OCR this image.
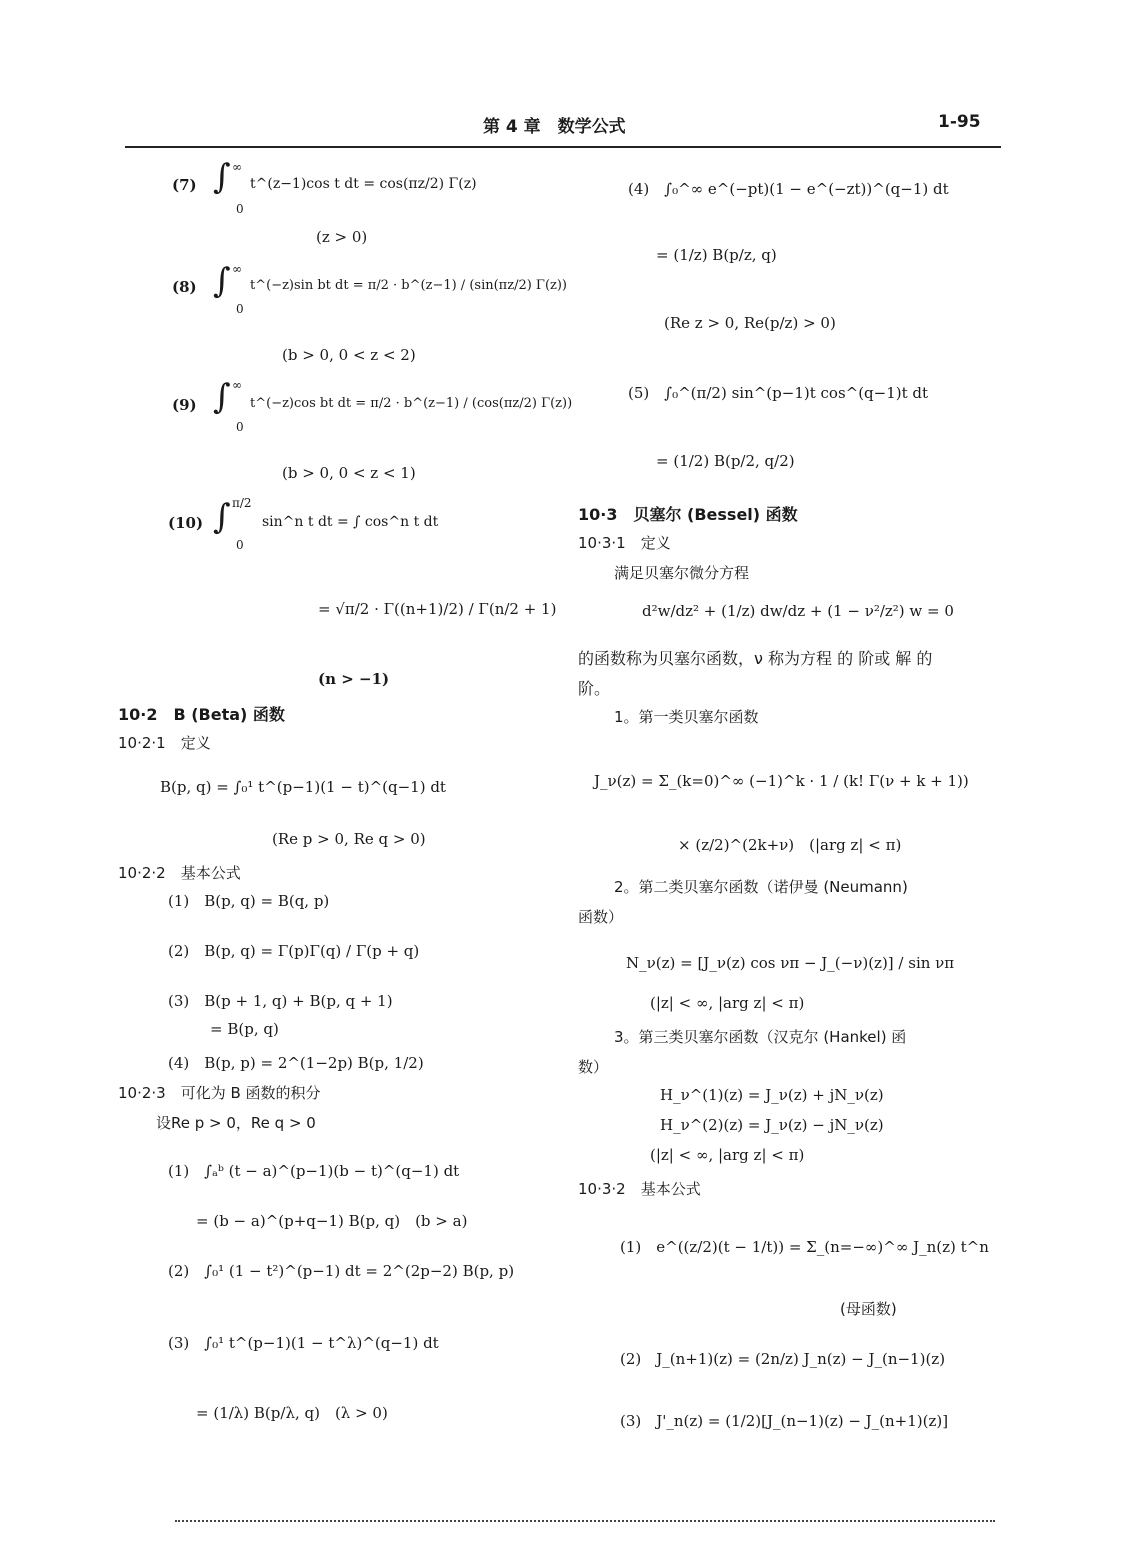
第 4 章　数学公式	1-95
(7) ∫ ∞
0
t^(z−1)cos t dt = cos(πz/2) Γ(z)
(z > 0)
(8) ∫ ∞
0
t^(−z)sin bt dt = π/2 · b^(z−1) / (sin(πz/2) Γ(z))
(b > 0, 0 < z < 2)
(9) ∫ ∞
0
t^(−z)cos bt dt = π/2 · b^(z−1) / (cos(πz/2) Γ(z))
(b > 0, 0 < z < 1)
(10) ∫ π/2
0
sin^n t dt = ∫ cos^n t dt
= √π/2 · Γ((n+1)/2) / Γ(n/2 + 1)
(n > −1)
10·2　B (Beta) 函数
10·2·1　定义
B(p, q) = ∫₀¹ t^(p−1)(1 − t)^(q−1) dt
(Re p > 0, Re q > 0)
10·2·2　基本公式
(1)　B(p, q) = B(q, p)
(2)　B(p, q) = Γ(p)Γ(q) / Γ(p + q)
(3)　B(p + 1, q) + B(p, q + 1)
= B(p, q)
(4)　B(p, p) = 2^(1−2p) B(p, 1/2)
10·2·3　可化为 B 函数的积分
设Re p > 0，Re q > 0
(1)　∫ₐᵇ (t − a)^(p−1)(b − t)^(q−1) dt
= (b − a)^(p+q−1) B(p, q)　(b > a)
(2)　∫₀¹ (1 − t²)^(p−1) dt = 2^(2p−2) B(p, p)
(3)　∫₀¹ t^(p−1)(1 − t^λ)^(q−1) dt
= (1/λ) B(p/λ, q)　(λ > 0)
(4)　∫₀^∞ e^(−pt)(1 − e^(−zt))^(q−1) dt
= (1/z) B(p/z, q)
(Re z > 0, Re(p/z) > 0)
(5)　∫₀^(π/2) sin^(p−1)t cos^(q−1)t dt
= (1/2) B(p/2, q/2)
10·3　贝塞尔 (Bessel) 函数
10·3·1　定义
满足贝塞尔微分方程
d²w/dz² + (1/z) dw/dz + (1 − ν²/z²) w = 0
的函数称为贝塞尔函数，ν 称为方程 的 阶或 解 的
阶。
1。第一类贝塞尔函数
J_ν(z) = Σ_(k=0)^∞ (−1)^k · 1 / (k! Γ(ν + k + 1))
× (z/2)^(2k+ν)　(|arg z| < π)
2。第二类贝塞尔函数（诺伊曼 (Neumann)
函数）
N_ν(z) = [J_ν(z) cos νπ − J_(−ν)(z)] / sin νπ
(|z| < ∞, |arg z| < π)
3。第三类贝塞尔函数（汉克尔 (Hankel) 函
数）
H_ν^(1)(z) = J_ν(z) + jN_ν(z)
H_ν^(2)(z) = J_ν(z) − jN_ν(z)
(|z| < ∞, |arg z| < π)
10·3·2　基本公式
(1)　e^((z/2)(t − 1/t)) = Σ_(n=−∞)^∞ J_n(z) t^n
(母函数)
(2)　J_(n+1)(z) = (2n/z) J_n(z) − J_(n−1)(z)
(3)　J'_n(z) = (1/2)[J_(n−1)(z) − J_(n+1)(z)]
